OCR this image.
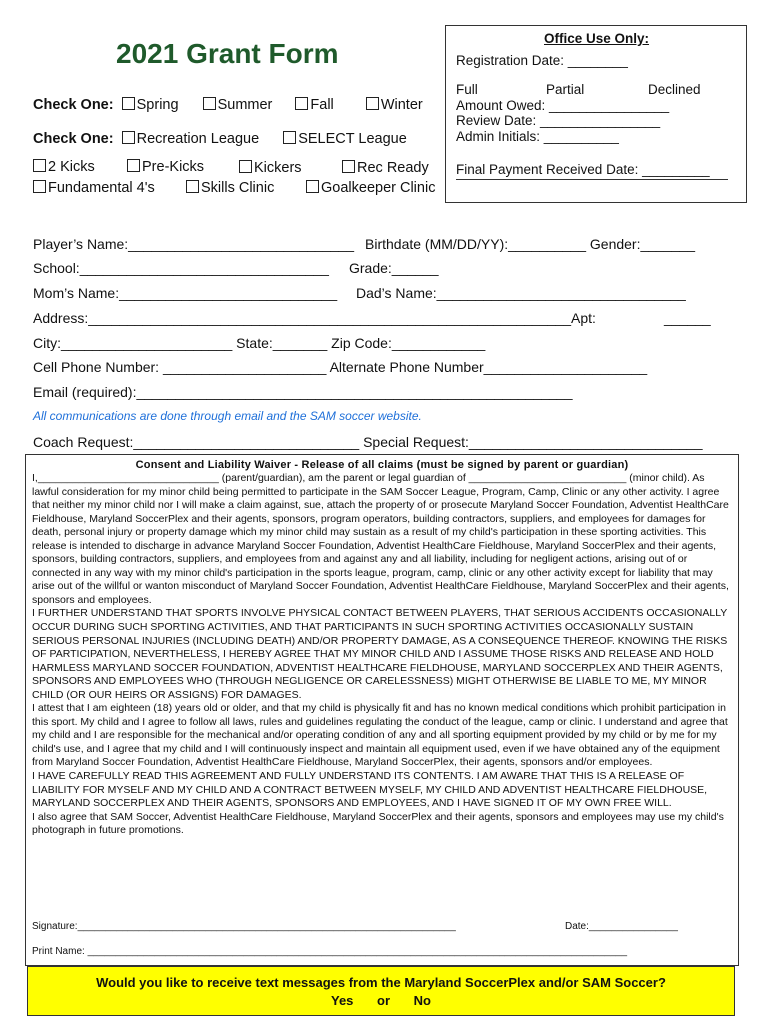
2021 Grant Form	Office Use Only:
Registration Date: ________
Full	Partial	Declined
Amount Owed: ________________
Review Date: ________________
Admin Initials: __________
Final Payment Received Date: _________
Check One: Spring	Summer	Fall	Winter
Check One: Recreation League	SELECT League
2 Kicks	Pre-Kicks	Kickers	Rec Ready
Fundamental 4's	Skills Clinic	Goalkeeper Clinic
Player’s Name:_____________________________ Birthdate (MM/DD/YY):__________ Gender:_______
School:________________________________ Grade:______
Mom’s Name:____________________________ Dad’s Name:________________________________
Address:______________________________________________________________Apt:	______
City:______________________ State:_______ Zip Code:____________
Cell Phone Number: _____________________ Alternate Phone Number_____________________
Email (required):________________________________________________________
All communications are done through email and the SAM soccer website.
Coach Request:_____________________________ Special Request:______________________________
Consent and Liability Waiver - Release of all claims (must be signed by parent or guardian)

I,_______________________________ (parent/guardian), am the parent or legal guardian of ___________________________ (minor child). As lawful consideration for my minor child being permitted to participate in the SAM Soccer League, Program, Camp, Clinic or any other activity. I agree that neither my minor child nor I will make a claim against, sue, attach the property of or prosecute Maryland Soccer Foundation, Adventist HealthCare Fieldhouse, Maryland SoccerPlex and their agents, sponsors, program operators, building contractors, suppliers, and employees for damages for death, personal injury or property damage which my minor child may sustain as a result of my child's participation in these sporting activities. This release is intended to discharge in advance Maryland Soccer Foundation, Adventist HealthCare Fieldhouse, Maryland SoccerPlex and their agents, sponsors, building contractors, suppliers, and employees from and against any and all liability, including for negligent actions, arising out of or connected in any way with my minor child's participation in the sports league, program, camp, clinic or any other activity except for liability that may arise out of the willful or wanton misconduct of Maryland Soccer Foundation, Adventist HealthCare Fieldhouse, Maryland SoccerPlex and their agents, sponsors and employees.

I FURTHER UNDERSTAND THAT SPORTS INVOLVE PHYSICAL CONTACT BETWEEN PLAYERS, THAT SERIOUS ACCIDENTS OCCASIONALLY OCCUR DURING SUCH SPORTING ACTIVITIES, AND THAT PARTICIPANTS IN SUCH SPORTING ACTIVITIES OCCASIONALLY SUSTAIN SERIOUS PERSONAL INJURIES (INCLUDING DEATH) AND/OR PROPERTY DAMAGE, AS A CONSEQUENCE THEREOF. KNOWING THE RISKS OF PARTICIPATION, NEVERTHELESS, I HEREBY AGREE THAT MY MINOR CHILD AND I ASSUME THOSE RISKS AND RELEASE AND HOLD HARMLESS MARYLAND SOCCER FOUNDATION, ADVENTIST HEALTHCARE FIELDHOUSE, MARYLAND SOCCERPLEX AND THEIR AGENTS, SPONSORS AND EMPLOYEES WHO (THROUGH NEGLIGENCE OR CARELESSNESS) MIGHT OTHERWISE BE LIABLE TO ME, MY MINOR CHILD (OR OUR HEIRS OR ASSIGNS) FOR DAMAGES.

I attest that I am eighteen (18) years old or older, and that my child is physically fit and has no known medical conditions which prohibit participation in this sport. My child and I agree to follow all laws, rules and guidelines regulating the conduct of the league, camp or clinic. I understand and agree that my child and I are responsible for the mechanical and/or operating condition of any and all sporting equipment provided by my child or by me for my child's use, and I agree that my child and I will continuously inspect and maintain all equipment used, even if we have obtained any of the equipment from Maryland Soccer Foundation, Adventist HealthCare Fieldhouse, Maryland SoccerPlex, their agents, sponsors and/or employees.

I HAVE CAREFULLY READ THIS AGREEMENT AND FULLY UNDERSTAND ITS CONTENTS. I AM AWARE THAT THIS IS A RELEASE OF LIABILITY FOR MYSELF AND MY CHILD AND A CONTRACT BETWEEN MYSELF, MY CHILD AND ADVENTIST HEALTHCARE FIELDHOUSE, MARYLAND SOCCERPLEX AND THEIR AGENTS, SPONSORS AND EMPLOYEES, AND I HAVE SIGNED IT OF MY OWN FREE WILL.

I also agree that SAM Soccer, Adventist HealthCare Fieldhouse, Maryland SoccerPlex and their agents, sponsors and employees may use my child's photograph in future promotions.

Signature:____________________________________________________________________	Date:________________
Print Name: _________________________________________________________________________________________________
Would you like to receive text messages from the Maryland SoccerPlex and/or SAM Soccer?
Yes or No
